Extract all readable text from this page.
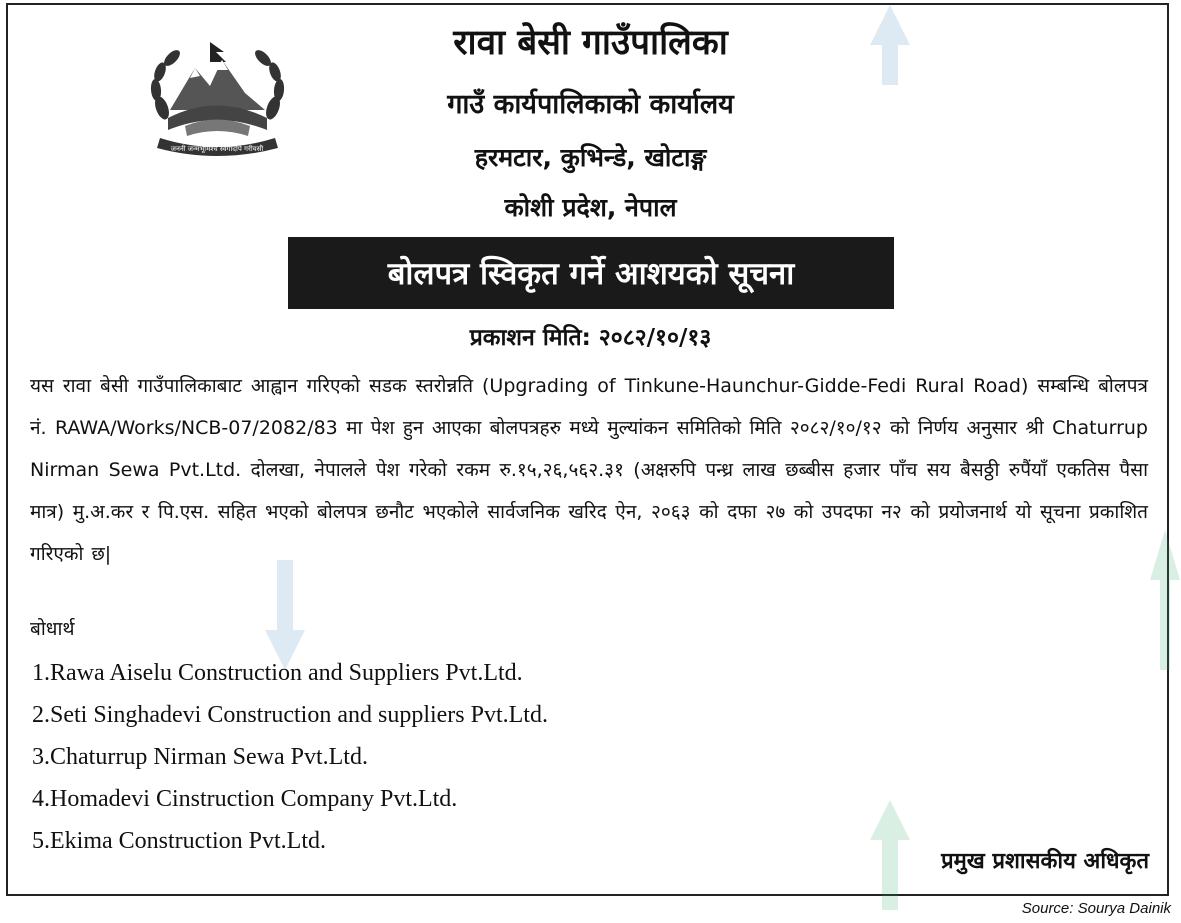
जननी जन्मभूमिश्च स्वर्गादपि गरीयसी
रावा बेसी गाउँपालिका
गाउँ कार्यपालिकाको कार्यालय
हरमटार, कुभिन्डे, खोटाङ्ग
कोशी प्रदेश, नेपाल
बोलपत्र स्विकृत गर्ने आशयको सूचना
प्रकाशन मिति: २०८२/१०/१३
यस रावा बेसी गाउँपालिकाबाट आह्वान गरिएको सडक स्तरोन्नति (Upgrading of Tinkune-Haunchur-Gidde-Fedi Rural Road) सम्बन्धि बोलपत्र नं. RAWA/Works/NCB-07/2082/83 मा पेश हुन आएका बोलपत्रहरु मध्ये मुल्यांकन समितिको मिति २०८२/१०/१२ को निर्णय अनुसार श्री Chaturrup Nirman Sewa Pvt.Ltd. दोलखा, नेपालले पेश गरेको रकम रु.१५,२६,५६२.३१ (अक्षरुपि पन्ध्र लाख छब्बीस हजार पाँच सय बैसठ्ठी रुपैंयाँ एकतिस पैसा मात्र) मु.अ.कर र पि.एस. सहित भएको बोलपत्र छनौट भएकोले सार्वजनिक खरिद ऐन, २०६३ को दफा २७ को उपदफा न२ को प्रयोजनार्थ यो सूचना प्रकाशित गरिएको छ|
बोधार्थ
1.Rawa Aiselu Construction and Suppliers Pvt.Ltd.
2.Seti Singhadevi Construction and suppliers Pvt.Ltd.
3.Chaturrup Nirman Sewa Pvt.Ltd.
4.Homadevi Cinstruction Company Pvt.Ltd.
5.Ekima Construction Pvt.Ltd.
प्रमुख प्रशासकीय अधिकृत
Source: Sourya Dainik
